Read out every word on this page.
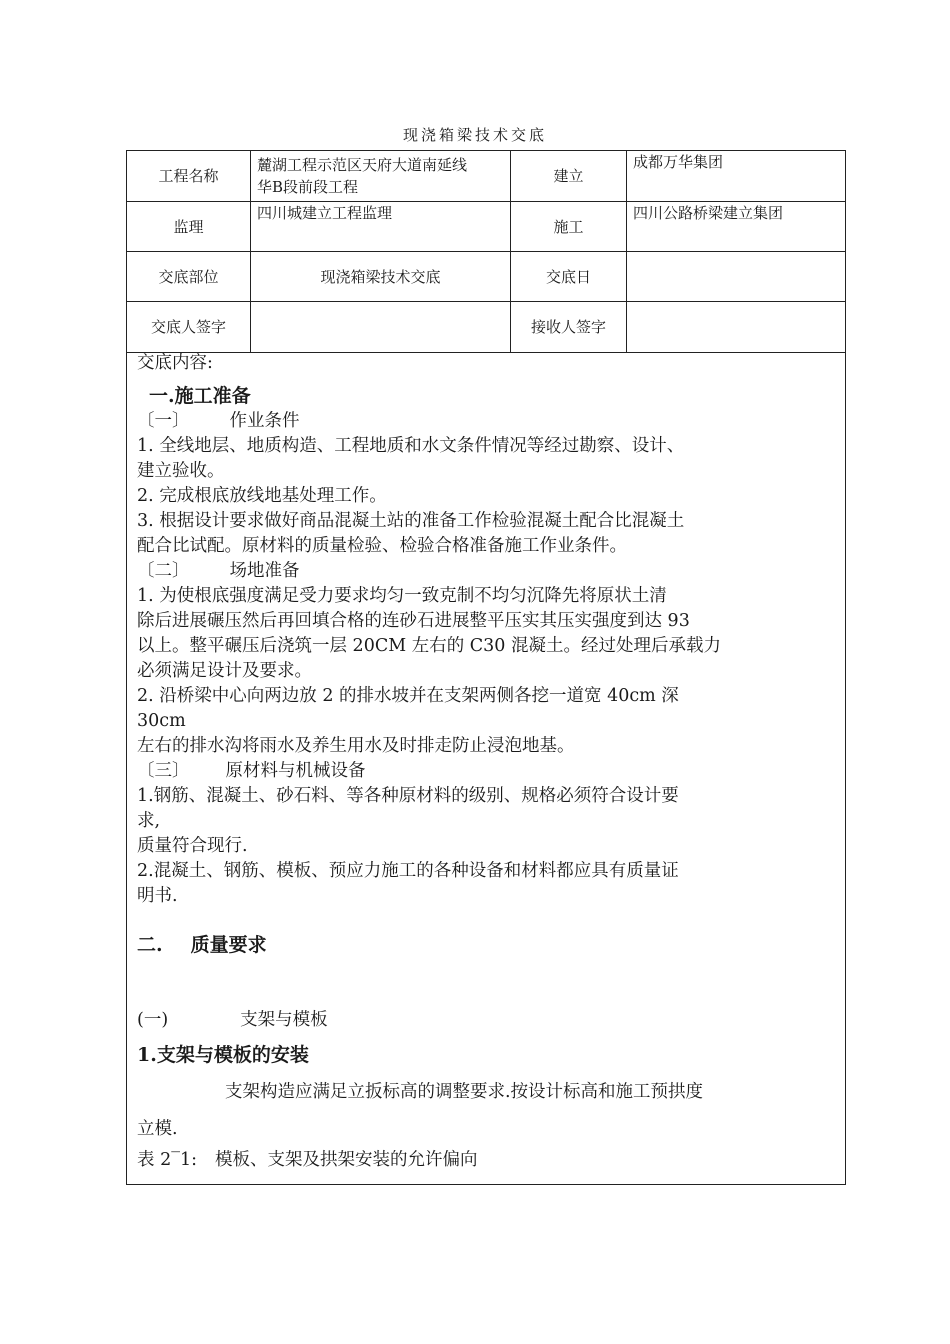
现浇箱梁技术交底
工程名称	麓湖工程示范区天府大道南延线
华B段前段工程	建立	成都万华集团
监理	四川城建立工程监理	施工	四川公路桥梁建立集团
交底部位	现浇箱梁技术交底	交底日	
交底人签字		接收人签字	

交底内容:

一.施工准备

〔一〕 作业条件

1. 全线地层、地质构造、工程地质和水文条件情况等经过勘察、设计、

建立验收。

2. 完成根底放线地基处理工作。

3. 根据设计要求做好商品混凝土站的准备工作检验混凝土配合比混凝土

配合比试配。原材料的质量检验、检验合格准备施工作业条件。

〔二〕 场地准备

1. 为使根底强度满足受力要求均匀一致克制不均匀沉降先将原状土清

除后进展碾压然后再回填合格的连砂石进展整平压实其压实强度到达 93

以上。整平碾压后浇筑一层 20CM 左右的 C30 混凝土。经过处理后承载力

必须满足设计及要求。

2. 沿桥梁中心向两边放 2 的排水坡并在支架两侧各挖一道宽 40cm 深

30cm

左右的排水沟将雨水及养生用水及时排走防止浸泡地基。

〔三〕 原材料与机械设备

1.钢筋、混凝土、砂石料、等各种原材料的级别、规格必须符合设计要

求,

质量符合现行.

2.混凝土、钢筋、模板、预应力施工的各种设备和材料都应具有质量证

明书.

二. 质量要求

(一)	支架与模板

1.支架与模板的安装

支架构造应满足立扳标高的调整要求.按设计标高和施工预拱度

立模.

表 2‾1: 模板、支架及拱架安装的允许偏向
